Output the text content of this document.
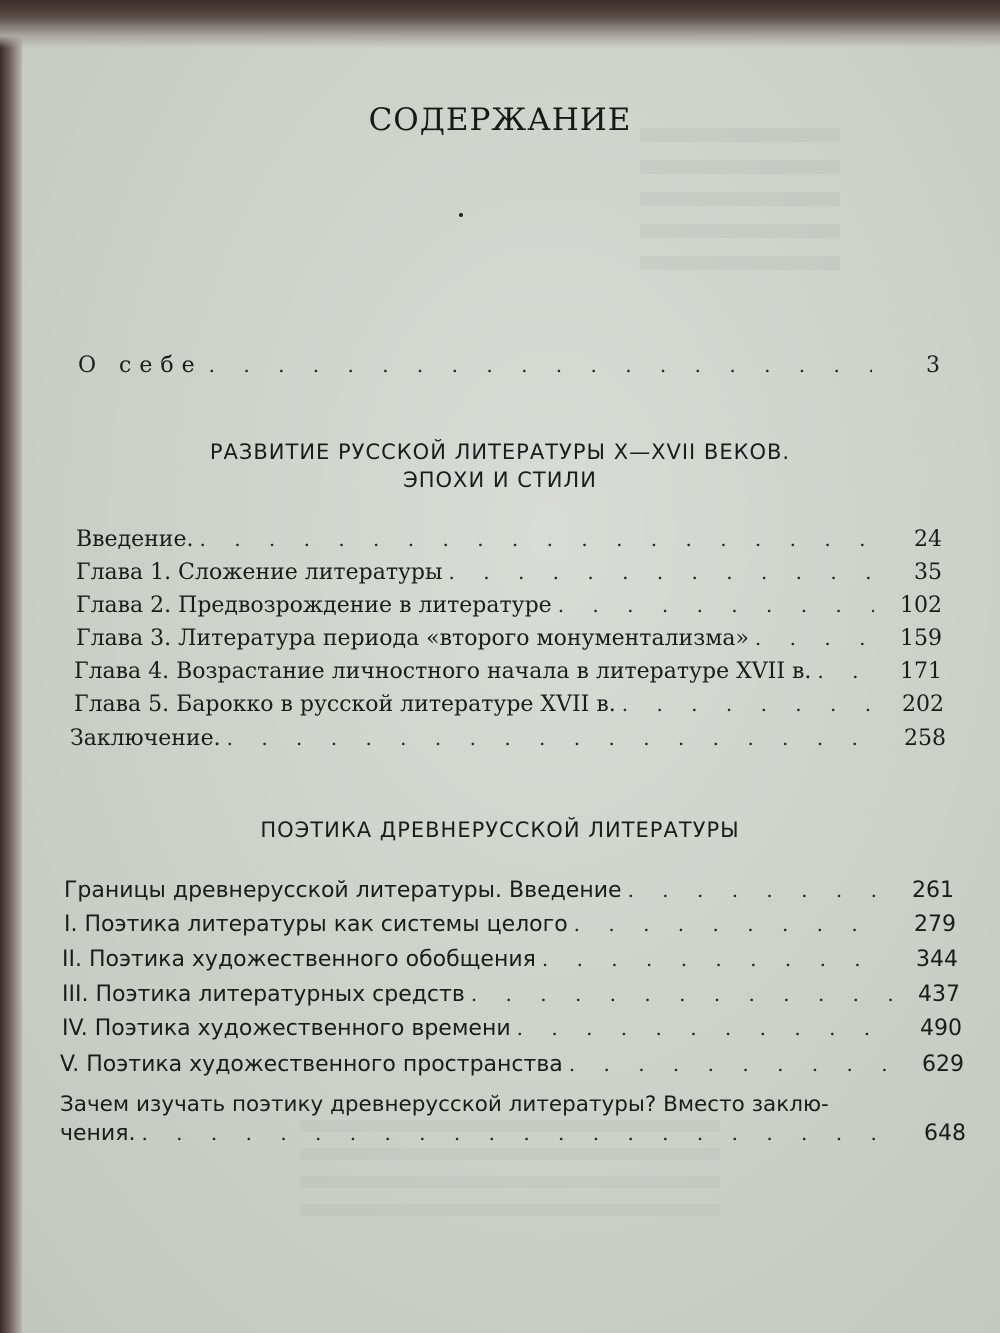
СОДЕРЖАНИЕ
О себе . . .	3
РАЗВИТИЕ РУССКОЙ ЛИТЕРАТУРЫ X—XVII ВЕКОВ.
ЭПОХИ И СТИЛИ
Введение. . . .	24
Глава 1. Сложение литературы . . .	35
Глава 2. Предвозрождение в литературе . . .	102
Глава 3. Литература периода «второго монументализма» . . .	159
Глава 4. Возрастание личностного начала в литературе XVII в. . . .	171
Глава 5. Барокко в русской литературе XVII в. . . .	202
Заключение. . . .	258
ПОЭТИКА ДРЕВНЕРУССКОЙ ЛИТЕРАТУРЫ
Границы древнерусской литературы. Введение . . .	261
I. Поэтика литературы как системы целого . . .	279
II. Поэтика художественного обобщения . . .	344
III. Поэтика литературных средств . . .	437
IV. Поэтика художественного времени . . .	490
V. Поэтика художественного пространства . . .	629
Зачем изучать поэтику древнерусской литературы? Вместо заклю-
чения. . . .	648
